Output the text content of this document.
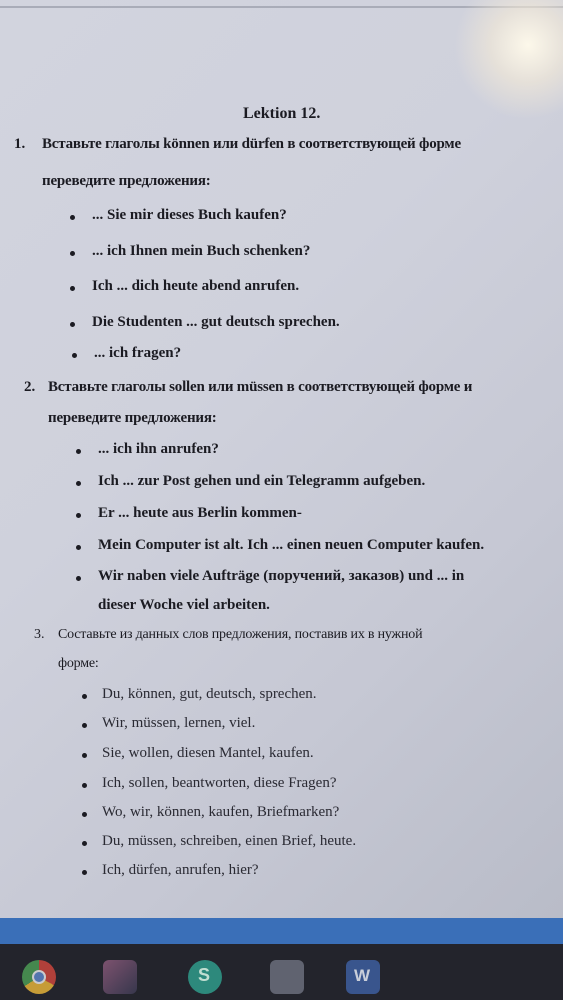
Lektion 12.
1. Вставьте глаголы können или dürfen в соответствующей форме
переведите предложения:
... Sie mir dieses Buch kaufen?
... ich Ihnen mein Buch schenken?
Ich ... dich heute abend anrufen.
Die Studenten ... gut deutsch sprechen.
... ich fragen?
2. Вставьте глаголы sollen или müssen в соответствующей форме и
переведите предложения:
... ich ihn anrufen?
Ich ... zur Post gehen und ein Telegramm aufgeben.
Er ... heute aus Berlin kommen-
Mein Computer ist alt. Ich ... einen neuen Computer kaufen.
Wir naben viele Aufträge (поручений, заказов) und ... in
dieser Woche viel arbeiten.
3. Составьте из данных слов предложения, поставив их в нужной
форме:
Du, können, gut, deutsch, sprechen.
Wir, müssen, lernen, viel.
Sie, wollen, diesen Mantel, kaufen.
Ich, sollen, beantworten, diese Fragen?
Wo, wir, können, kaufen, Briefmarken?
Du, müssen, schreiben, einen Brief, heute.
Ich, dürfen, anrufen, hier?
S
W
